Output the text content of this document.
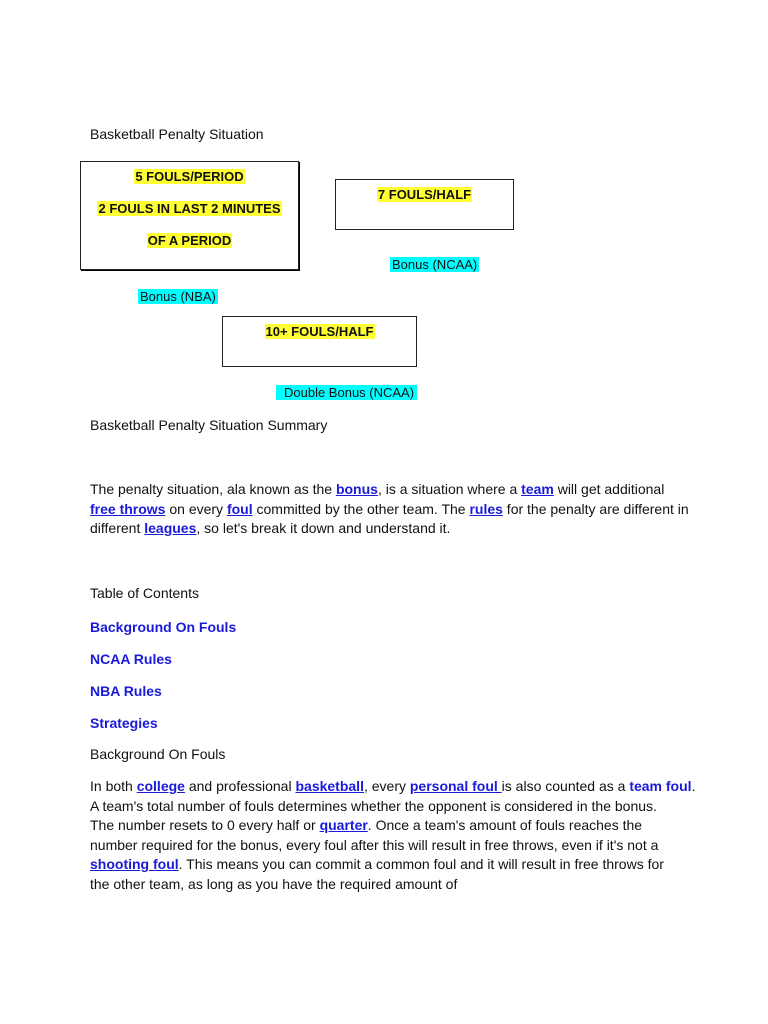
Basketball Penalty Situation
5 FOULS/PERIOD
2 FOULS IN LAST 2 MINUTES
OF A PERIOD
7 FOULS/HALF
Bonus (NCAA)
Bonus (NBA)
10+ FOULS/HALF
Double Bonus (NCAA)
Basketball Penalty Situation Summary
The penalty situation, ala known as the bonus, is a situation where a team will get additional
free throws on every foul committed by the other team. The rules for the penalty are different in
different leagues, so let's break it down and understand it.
Table of Contents
Background On Fouls
NCAA Rules
NBA Rules
Strategies
Background On Fouls
In both college and professional basketball, every personal foul is also counted as a team foul.
A team's total number of fouls determines whether the opponent is considered in the bonus.
The number resets to 0 every half or quarter. Once a team's amount of fouls reaches the
number required for the bonus, every foul after this will result in free throws, even if it's not a
shooting foul. This means you can commit a common foul and it will result in free throws for
the other team, as long as you have the required amount of
